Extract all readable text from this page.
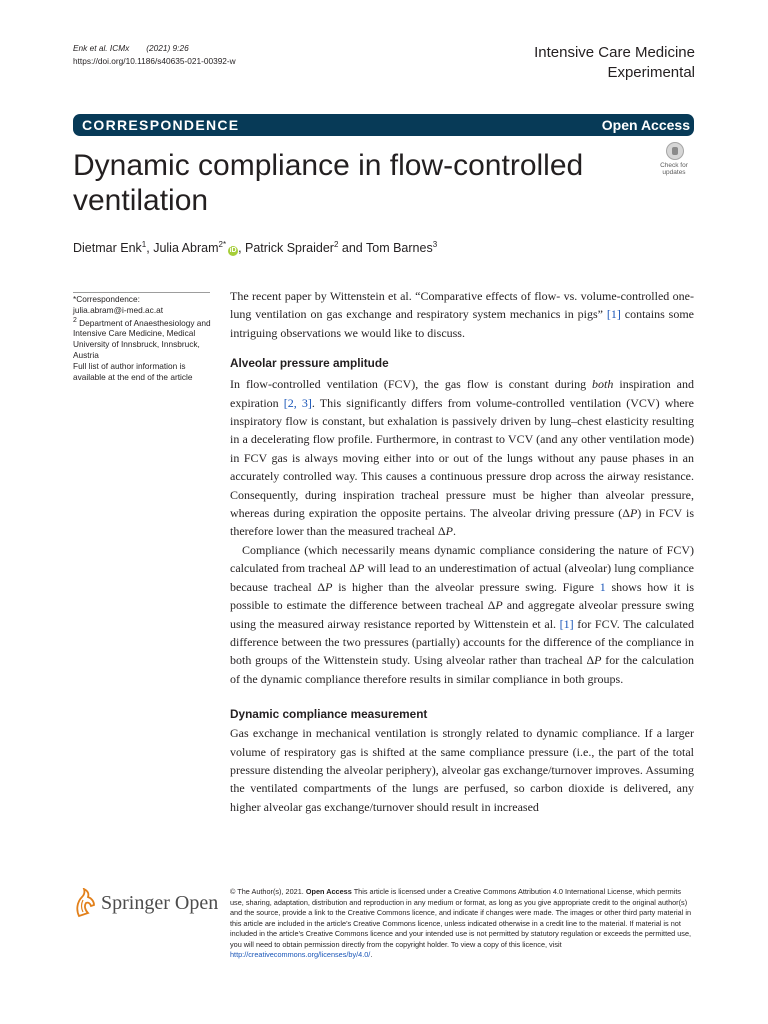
Enk et al. ICMx (2021) 9:26
https://doi.org/10.1186/s40635-021-00392-w	Intensive Care Medicine
Experimental
CORRESPONDENCE	Open Access
Dynamic compliance in flow-controlled ventilation
Check for
updates
Dietmar Enk$^1$, Julia Abram$^{2*}$iD , Patrick Spraider$^2$ and Tom Barnes$^3$

*Correspondence:

julia.abram@i-med.ac.at

$^2$ Department of Anaesthesiology and Intensive Care Medicine, Medical University of Innsbruck, Innsbruck, Austria

Full list of author information is available at the end of the article

The recent paper by Wittenstein et al. “Comparative effects of flow- vs. volume-controlled one-lung ventilation on gas exchange and respiratory system mechanics in pigs” [1] contains some intriguing observations we would like to discuss.

Alveolar pressure amplitude

In flow-controlled ventilation (FCV), the gas flow is constant during both inspiration and expiration [2, 3]. This significantly differs from volume-controlled ventilation (VCV) where inspiratory flow is constant, but exhalation is passively driven by lung–chest elasticity resulting in a decelerating flow profile. Furthermore, in contrast to VCV (and any other ventilation mode) in FCV gas is always moving either into or out of the lungs without any pause phases in an accurately controlled way. This causes a continuous pressure drop across the airway resistance. Consequently, during inspiration tracheal pressure must be higher than alveolar pressure, whereas during expiration the opposite pertains. The alveolar driving pressure (ΔP) in FCV is therefore lower than the measured tracheal ΔP.

Compliance (which necessarily means dynamic compliance considering the nature of FCV) calculated from tracheal ΔP will lead to an underestimation of actual (alveolar) lung compliance because tracheal ΔP is higher than the alveolar pressure swing. Figure 1 shows how it is possible to estimate the difference between tracheal ΔP and aggregate alveolar pressure swing using the measured airway resistance reported by Wittenstein et al. [1] for FCV. The calculated difference between the two pressures (partially) accounts for the difference of the compliance in both groups of the Wittenstein study. Using alveolar rather than tracheal ΔP for the calculation of the dynamic compliance therefore results in similar compliance in both groups.

Dynamic compliance measurement

Gas exchange in mechanical ventilation is strongly related to dynamic compliance. If a larger volume of respiratory gas is shifted at the same compliance pressure (i.e., the part of the total pressure distending the alveolar periphery), alveolar gas exchange/turnover improves. Assuming the ventilated compartments of the lungs are perfused, so carbon dioxide is delivered, any higher alveolar gas exchange/turnover should result in increased

Springer Open
© The Author(s), 2021. Open Access This article is licensed under a Creative Commons Attribution 4.0 International License, which permits use, sharing, adaptation, distribution and reproduction in any medium or format, as long as you give appropriate credit to the original author(s) and the source, provide a link to the Creative Commons licence, and indicate if changes were made. The images or other third party material in this article are included in the article’s Creative Commons licence, unless indicated otherwise in a credit line to the material. If material is not included in the article’s Creative Commons licence and your intended use is not permitted by statutory regulation or exceeds the permitted use, you will need to obtain permission directly from the copyright holder. To view a copy of this licence, visit http://creativecommons.org/licenses/by/4.0/.
